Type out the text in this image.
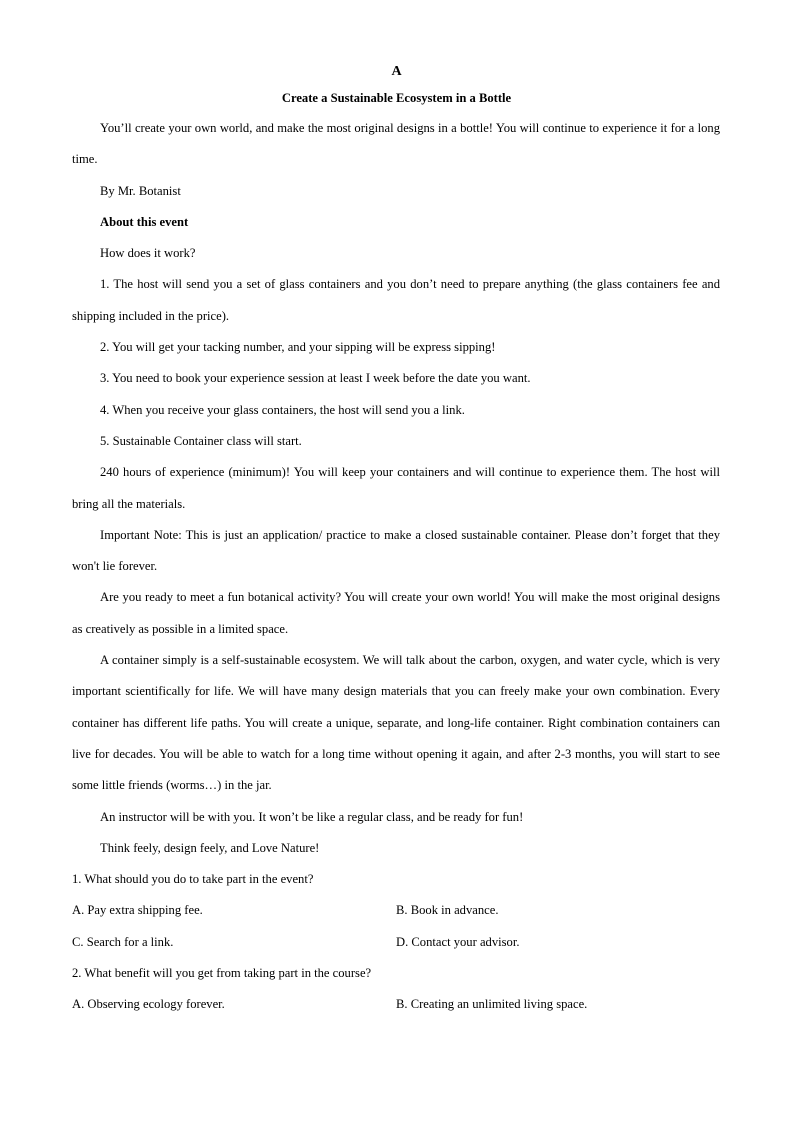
A

Create a Sustainable Ecosystem in a Bottle

You’ll create your own world, and make the most original designs in a bottle! You will continue to experience it for a long time.

By Mr. Botanist

About this event

How does it work?

1. The host will send you a set of glass containers and you don’t need to prepare anything (the glass containers fee and shipping included in the price).

2. You will get your tacking number, and your sipping will be express sipping!

3. You need to book your experience session at least I week before the date you want.

4. When you receive your glass containers, the host will send you a link.

5. Sustainable Container class will start.

240 hours of experience (minimum)! You will keep your containers and will continue to experience them. The host will bring all the materials.

Important Note: This is just an application/ practice to make a closed sustainable container. Please don’t forget that they won't lie forever.

Are you ready to meet a fun botanical activity? You will create your own world! You will make the most original designs as creatively as possible in a limited space.

A container simply is a self-sustainable ecosystem. We will talk about the carbon, oxygen, and water cycle, which is very important scientifically for life. We will have many design materials that you can freely make your own combination. Every container has different life paths. You will create a unique, separate, and long-life container. Right combination containers can live for decades. You will be able to watch for a long time without opening it again, and after 2-3 months, you will start to see some little friends (worms…) in the jar.

An instructor will be with you. It won’t be like a regular class, and be ready for fun!

Think feely, design feely, and Love Nature!

1. What should you do to take part in the event?

A. Pay extra shipping fee.	B. Book in advance.
C. Search for a link.	D. Contact your advisor.

2. What benefit will you get from taking part in the course?

A. Observing ecology forever.	B. Creating an unlimited living space.
